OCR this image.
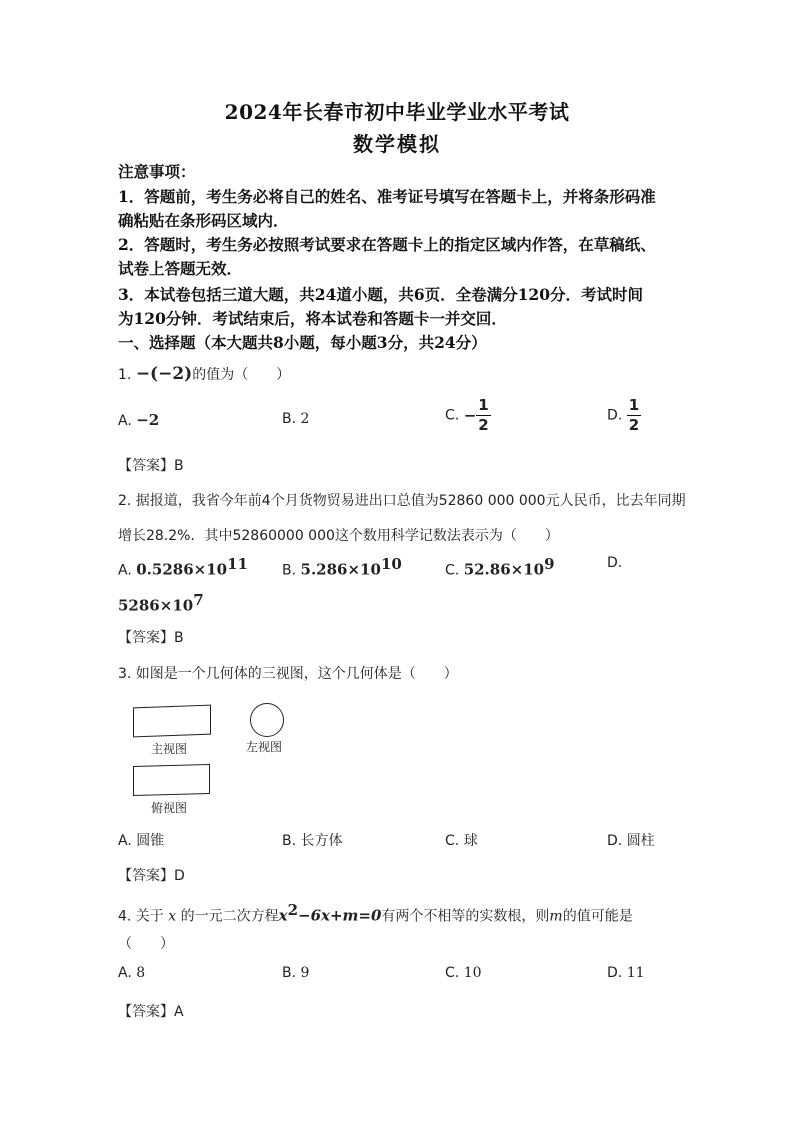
2024年长春市初中毕业学业水平考试
数学模拟
注意事项：
1．答题前，考生务必将自己的姓名、准考证号填写在答题卡上，并将条形码准
确粘贴在条形码区域内．
2．答题时，考生务必按照考试要求在答题卡上的指定区域内作答，在草稿纸、
试卷上答题无效．
3．本试卷包括三道大题，共24道小题，共6页．全卷满分120分．考试时间
为120分钟．考试结束后，将本试卷和答题卡一并交回．
一、选择题（本大题共8小题，每小题3分，共24分）
1. −(−2)的值为（　　）
A. −2	B. 2	C. − $\frac{1}{2}$	D. $\frac{1}{2}$
【答案】B
2. 据报道，我省今年前4个月货物贸易进出口总值为52860 000 000元人民币，比去年同期
增长28.2%．其中52860000 000这个数用科学记数法表示为（　　）
A. $0.5286\times 10^{11}$ B. $5.286\times 10^{10}$	C. $52.86\times 10^9$	D.
$5286\times 10^7$
【答案】B
3. 如图是一个几何体的三视图，这个几何体是（　　）
主视图	左视图
俯视图
A. 圆锥	B. 长方体	C. 球	D. 圆柱
【答案】D
4. 关于 x 的一元二次方程$x^2-6x+m=0$有两个不相等的实数根，则m的值可能是
（　　）
A. 8	B. 9	C. 10	D. 11
【答案】A
